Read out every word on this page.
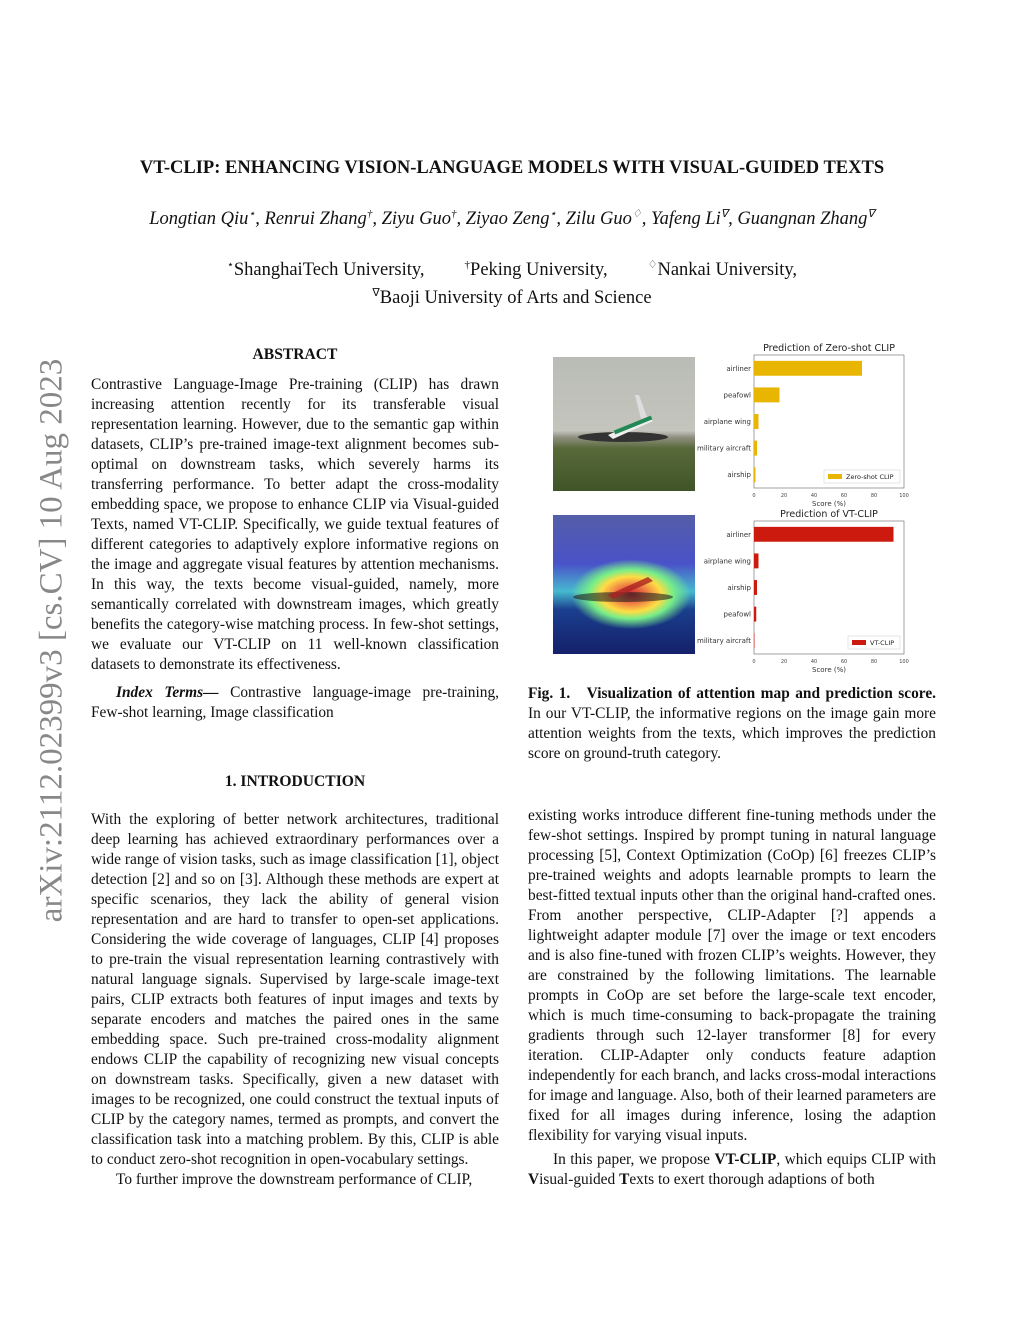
arXiv:2112.02399v3 [cs.CV] 10 Aug 2023
VT-CLIP: ENHANCING VISION-LANGUAGE MODELS WITH VISUAL-GUIDED TEXTS
Longtian Qiu⋆, Renrui Zhang†, Ziyu Guo†, Ziyao Zeng⋆, Zilu Guo♢, Yafeng Li∇, Guangnan Zhang∇
⋆ShanghaiTech University,	†Peking University,	♢Nankai University,
∇Baoji University of Arts and Science
ABSTRACT

Contrastive Language-Image Pre-training (CLIP) has drawn increasing attention recently for its transferable visual representation learning. However, due to the semantic gap within datasets, CLIP’s pre-trained image-text alignment becomes sub-optimal on downstream tasks, which severely harms its transferring performance. To better adapt the cross-modality embedding space, we propose to enhance CLIP via Visual-guided Texts, named VT-CLIP. Specifically, we guide textual features of different categories to adaptively explore informative regions on the image and aggregate visual features by attention mechanisms. In this way, the texts become visual-guided, namely, more semantically correlated with downstream images, which greatly benefits the category-wise matching process. In few-shot settings, we evaluate our VT-CLIP on 11 well-known classification datasets to demonstrate its effectiveness.

Index Terms— Contrastive language-image pre-training, Few-shot learning, Image classification

1. INTRODUCTION

With the exploring of better network architectures, traditional deep learning has achieved extraordinary performances over a wide range of vision tasks, such as image classification [1], object detection [2] and so on [3]. Although these methods are expert at specific scenarios, they lack the ability of general vision representation and are hard to transfer to open-set applications. Considering the wide coverage of languages, CLIP [4] proposes to pre-train the visual representation learning contrastively with natural language signals. Supervised by large-scale image-text pairs, CLIP extracts both features of input images and texts by separate encoders and matches the paired ones in the same embedding space. Such pre-trained cross-modality alignment endows CLIP the capability of recognizing new visual concepts on downstream tasks. Specifically, given a new dataset with images to be recognized, one could construct the textual inputs of CLIP by the category names, termed as prompts, and convert the classification task into a matching problem. By this, CLIP is able to conduct zero-shot recognition in open-vocabulary settings.

To further improve the downstream performance of CLIP,

Prediction of Zero-shot CLIP
airliner
peafowl
airplane wing
military aircraft
airship
0	20	40	60	80	100
Score (%)
Zero-shot CLIP
Prediction of VT-CLIP
airliner
airplane wing
airship
peafowl
military aircraft
0	20	40	60	80	100
Score (%)
VT-CLIP
Fig. 1.   Visualization of attention map and prediction score. In our VT-CLIP, the informative regions on the image gain more attention weights from the texts, which improves the prediction score on ground-truth category.

existing works introduce different fine-tuning methods under the few-shot settings. Inspired by prompt tuning in natural language processing [5], Context Optimization (CoOp) [6] freezes CLIP’s pre-trained weights and adopts learnable prompts to learn the best-fitted textual inputs other than the original hand-crafted ones. From another perspective, CLIP-Adapter [?] appends a lightweight adapter module [7] over the image or text encoders and is also fine-tuned with frozen CLIP’s weights. However, they are constrained by the following limitations. The learnable prompts in CoOp are set before the large-scale text encoder, which is much time-consuming to back-propagate the training gradients through such 12-layer transformer [8] for every iteration. CLIP-Adapter only conducts feature adaption independently for each branch, and lacks cross-modal interactions for image and language. Also, both of their learned parameters are fixed for all images during inference, losing the adaption flexibility for varying visual inputs.

In this paper, we propose VT-CLIP, which equips CLIP with Visual-guided Texts to exert thorough adaptions of both
